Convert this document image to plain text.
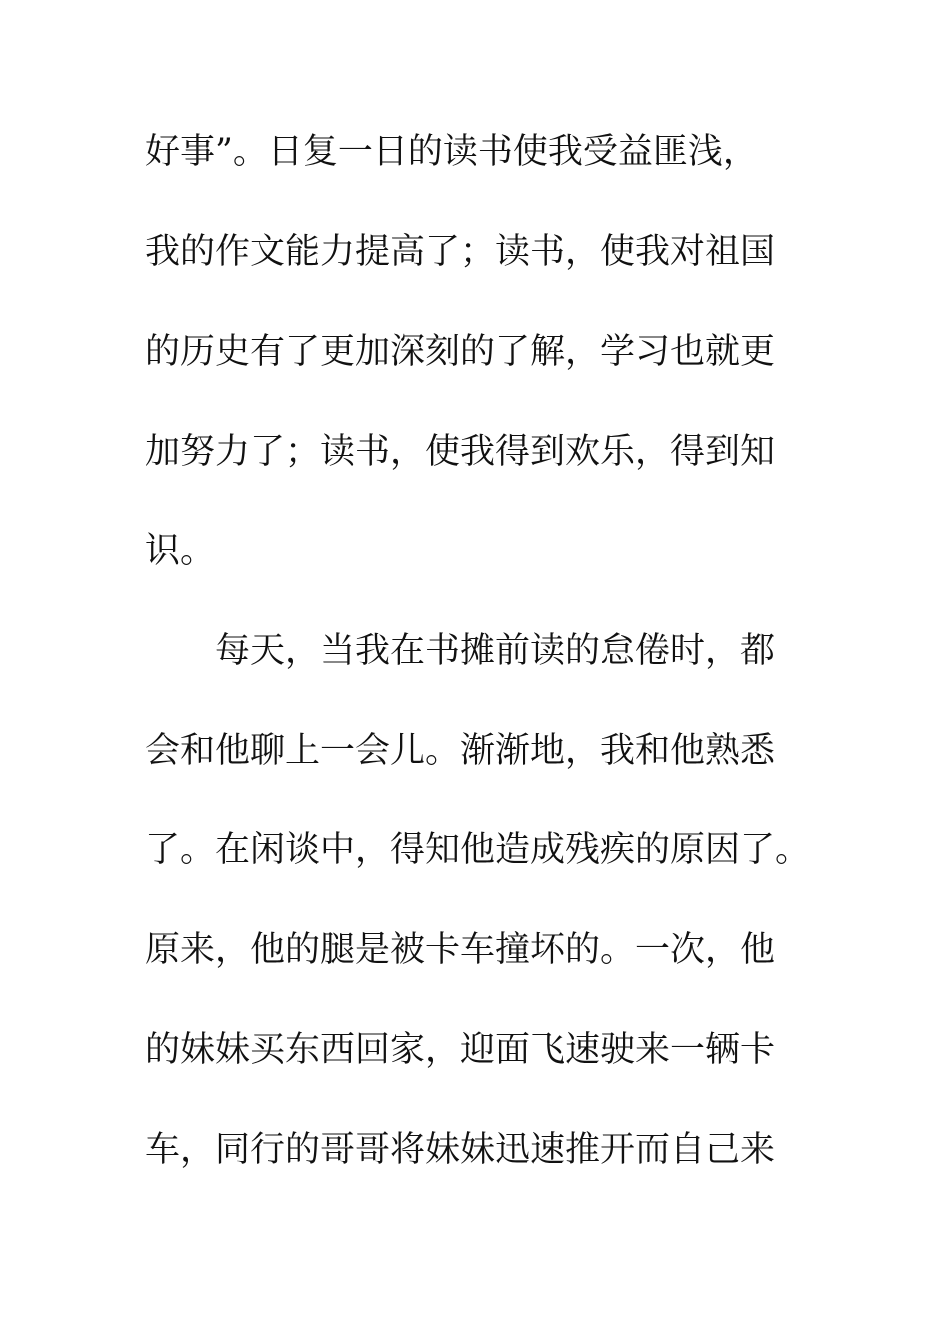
好事”。日复一日的读书使我受益匪浅，
我的作文能力提高了；读书，使我对祖国
的历史有了更加深刻的了解，学习也就更
加努力了；读书，使我得到欢乐，得到知
识。
　　每天，当我在书摊前读的怠倦时，都
会和他聊上一会儿。渐渐地，我和他熟悉
了。在闲谈中，得知他造成残疾的原因了。
原来，他的腿是被卡车撞坏的。一次，他
的妹妹买东西回家，迎面飞速驶来一辆卡
车，同行的哥哥将妹妹迅速推开而自己来
